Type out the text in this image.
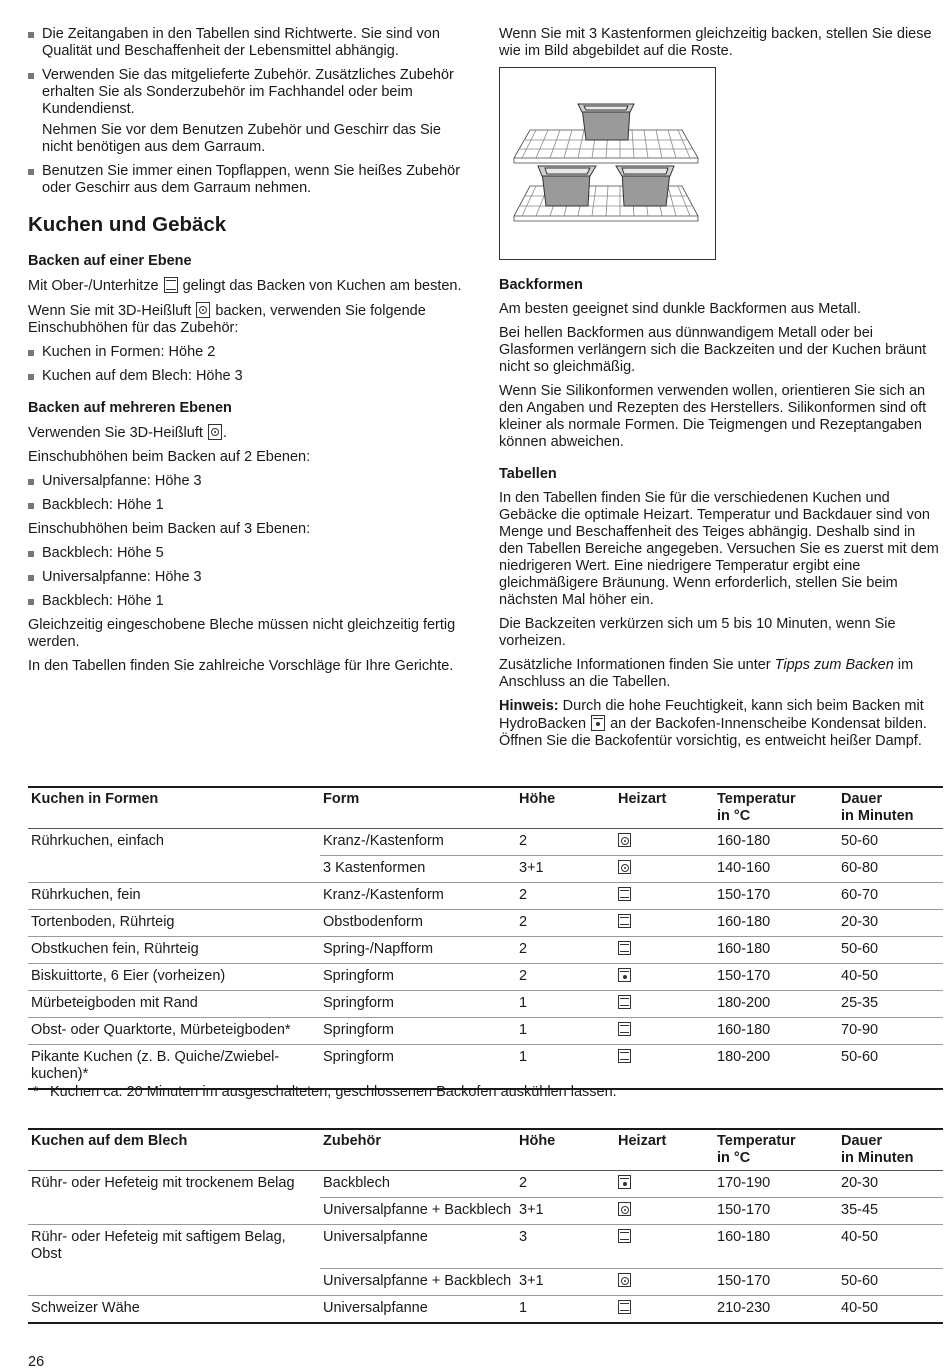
Die Zeitangaben in den Tabellen sind Richtwerte. Sie sind von Qualität und Beschaffenheit der Lebensmittel abhängig.
Verwenden Sie das mitgelieferte Zubehör. Zusätzliches Zubehör erhalten Sie als Sonderzubehör im Fachhandel oder beim Kundendienst.
Nehmen Sie vor dem Benutzen Zubehör und Geschirr das Sie nicht benötigen aus dem Garraum.
Benutzen Sie immer einen Topflappen, wenn Sie heißes Zubehör oder Geschirr aus dem Garraum nehmen.
Kuchen und Gebäck
Backen auf einer Ebene

Mit Ober-/Unterhitze gelingt das Backen von Kuchen am besten.

Wenn Sie mit 3D-Heißluft backen, verwenden Sie folgende Einschubhöhen für das Zubehör:

Kuchen in Formen: Höhe 2
Kuchen auf dem Blech: Höhe 3
Backen auf mehreren Ebenen

Verwenden Sie 3D-Heißluft .

Einschubhöhen beim Backen auf 2 Ebenen:

Universalpfanne: Höhe 3
Backblech: Höhe 1

Einschubhöhen beim Backen auf 3 Ebenen:

Backblech: Höhe 5
Universalpfanne: Höhe 3
Backblech: Höhe 1

Gleichzeitig eingeschobene Bleche müssen nicht gleichzeitig fertig werden.

In den Tabellen finden Sie zahlreiche Vorschläge für Ihre Gerichte.

Wenn Sie mit 3 Kastenformen gleichzeitig backen, stellen Sie diese wie im Bild abgebildet auf die Roste.

Backformen

Am besten geeignet sind dunkle Backformen aus Metall.

Bei hellen Backformen aus dünnwandigem Metall oder bei Glasformen verlängern sich die Backzeiten und der Kuchen bräunt nicht so gleichmäßig.

Wenn Sie Silikonformen verwenden wollen, orientieren Sie sich an den Angaben und Rezepten des Herstellers. Silikonformen sind oft kleiner als normale Formen. Die Teigmengen und Rezeptangaben können abweichen.

Tabellen

In den Tabellen finden Sie für die verschiedenen Kuchen und Gebäcke die optimale Heizart. Temperatur und Backdauer sind von Menge und Beschaffenheit des Teiges abhängig. Deshalb sind in den Tabellen Bereiche angegeben. Versuchen Sie es zuerst mit dem niedrigeren Wert. Eine niedrigere Temperatur ergibt eine gleichmäßigere Bräunung. Wenn erforderlich, stellen Sie beim nächsten Mal höher ein.

Die Backzeiten verkürzen sich um 5 bis 10 Minuten, wenn Sie vorheizen.

Zusätzliche Informationen finden Sie unter Tipps zum Backen im Anschluss an die Tabellen.

Hinweis: Durch die hohe Feuchtigkeit, kann sich beim Backen mit HydroBacken an der Backofen-Innenscheibe Kondensat bilden. Öffnen Sie die Backofentür vorsichtig, es entweicht heißer Dampf.

Kuchen in Formen	Form	Höhe	Heizart	Temperatur
in °C	Dauer
in Minuten

Rührkuchen, einfach	Kranz-/Kastenform	2		160-180	50-60
	3 Kastenformen	3+1		140-160	60-80
Rührkuchen, fein	Kranz-/Kastenform	2		150-170	60-70
Tortenboden, Rührteig	Obstbodenform	2		160-180	20-30
Obstkuchen fein, Rührteig	Spring-/Napfform	2		160-180	50-60
Biskuittorte, 6 Eier (vorheizen)	Springform	2		150-170	40-50
Mürbeteigboden mit Rand	Springform	1		180-200	25-35
Obst- oder Quarktorte, Mürbeteigboden*	Springform	1		160-180	70-90
Pikante Kuchen (z. B. Quiche/Zwiebelkuchen)*	Springform	1		180-200	50-60
* Kuchen ca. 20 Minuten im ausgeschalteten, geschlossenen Backofen auskühlen lassen.
Kuchen auf dem Blech	Zubehör	Höhe	Heizart	Temperatur
in °C	Dauer
in Minuten

Rühr- oder Hefeteig mit trockenem Belag	Backblech	2		170-190	20-30
	Universalpfanne + Backblech	3+1		150-170	35-45
Rühr- oder Hefeteig mit saftigem Belag, Obst	Universalpfanne	3		160-180	40-50
	Universalpfanne + Backblech	3+1		150-170	50-60
Schweizer Wähe	Universalpfanne	1		210-230	40-50
26
